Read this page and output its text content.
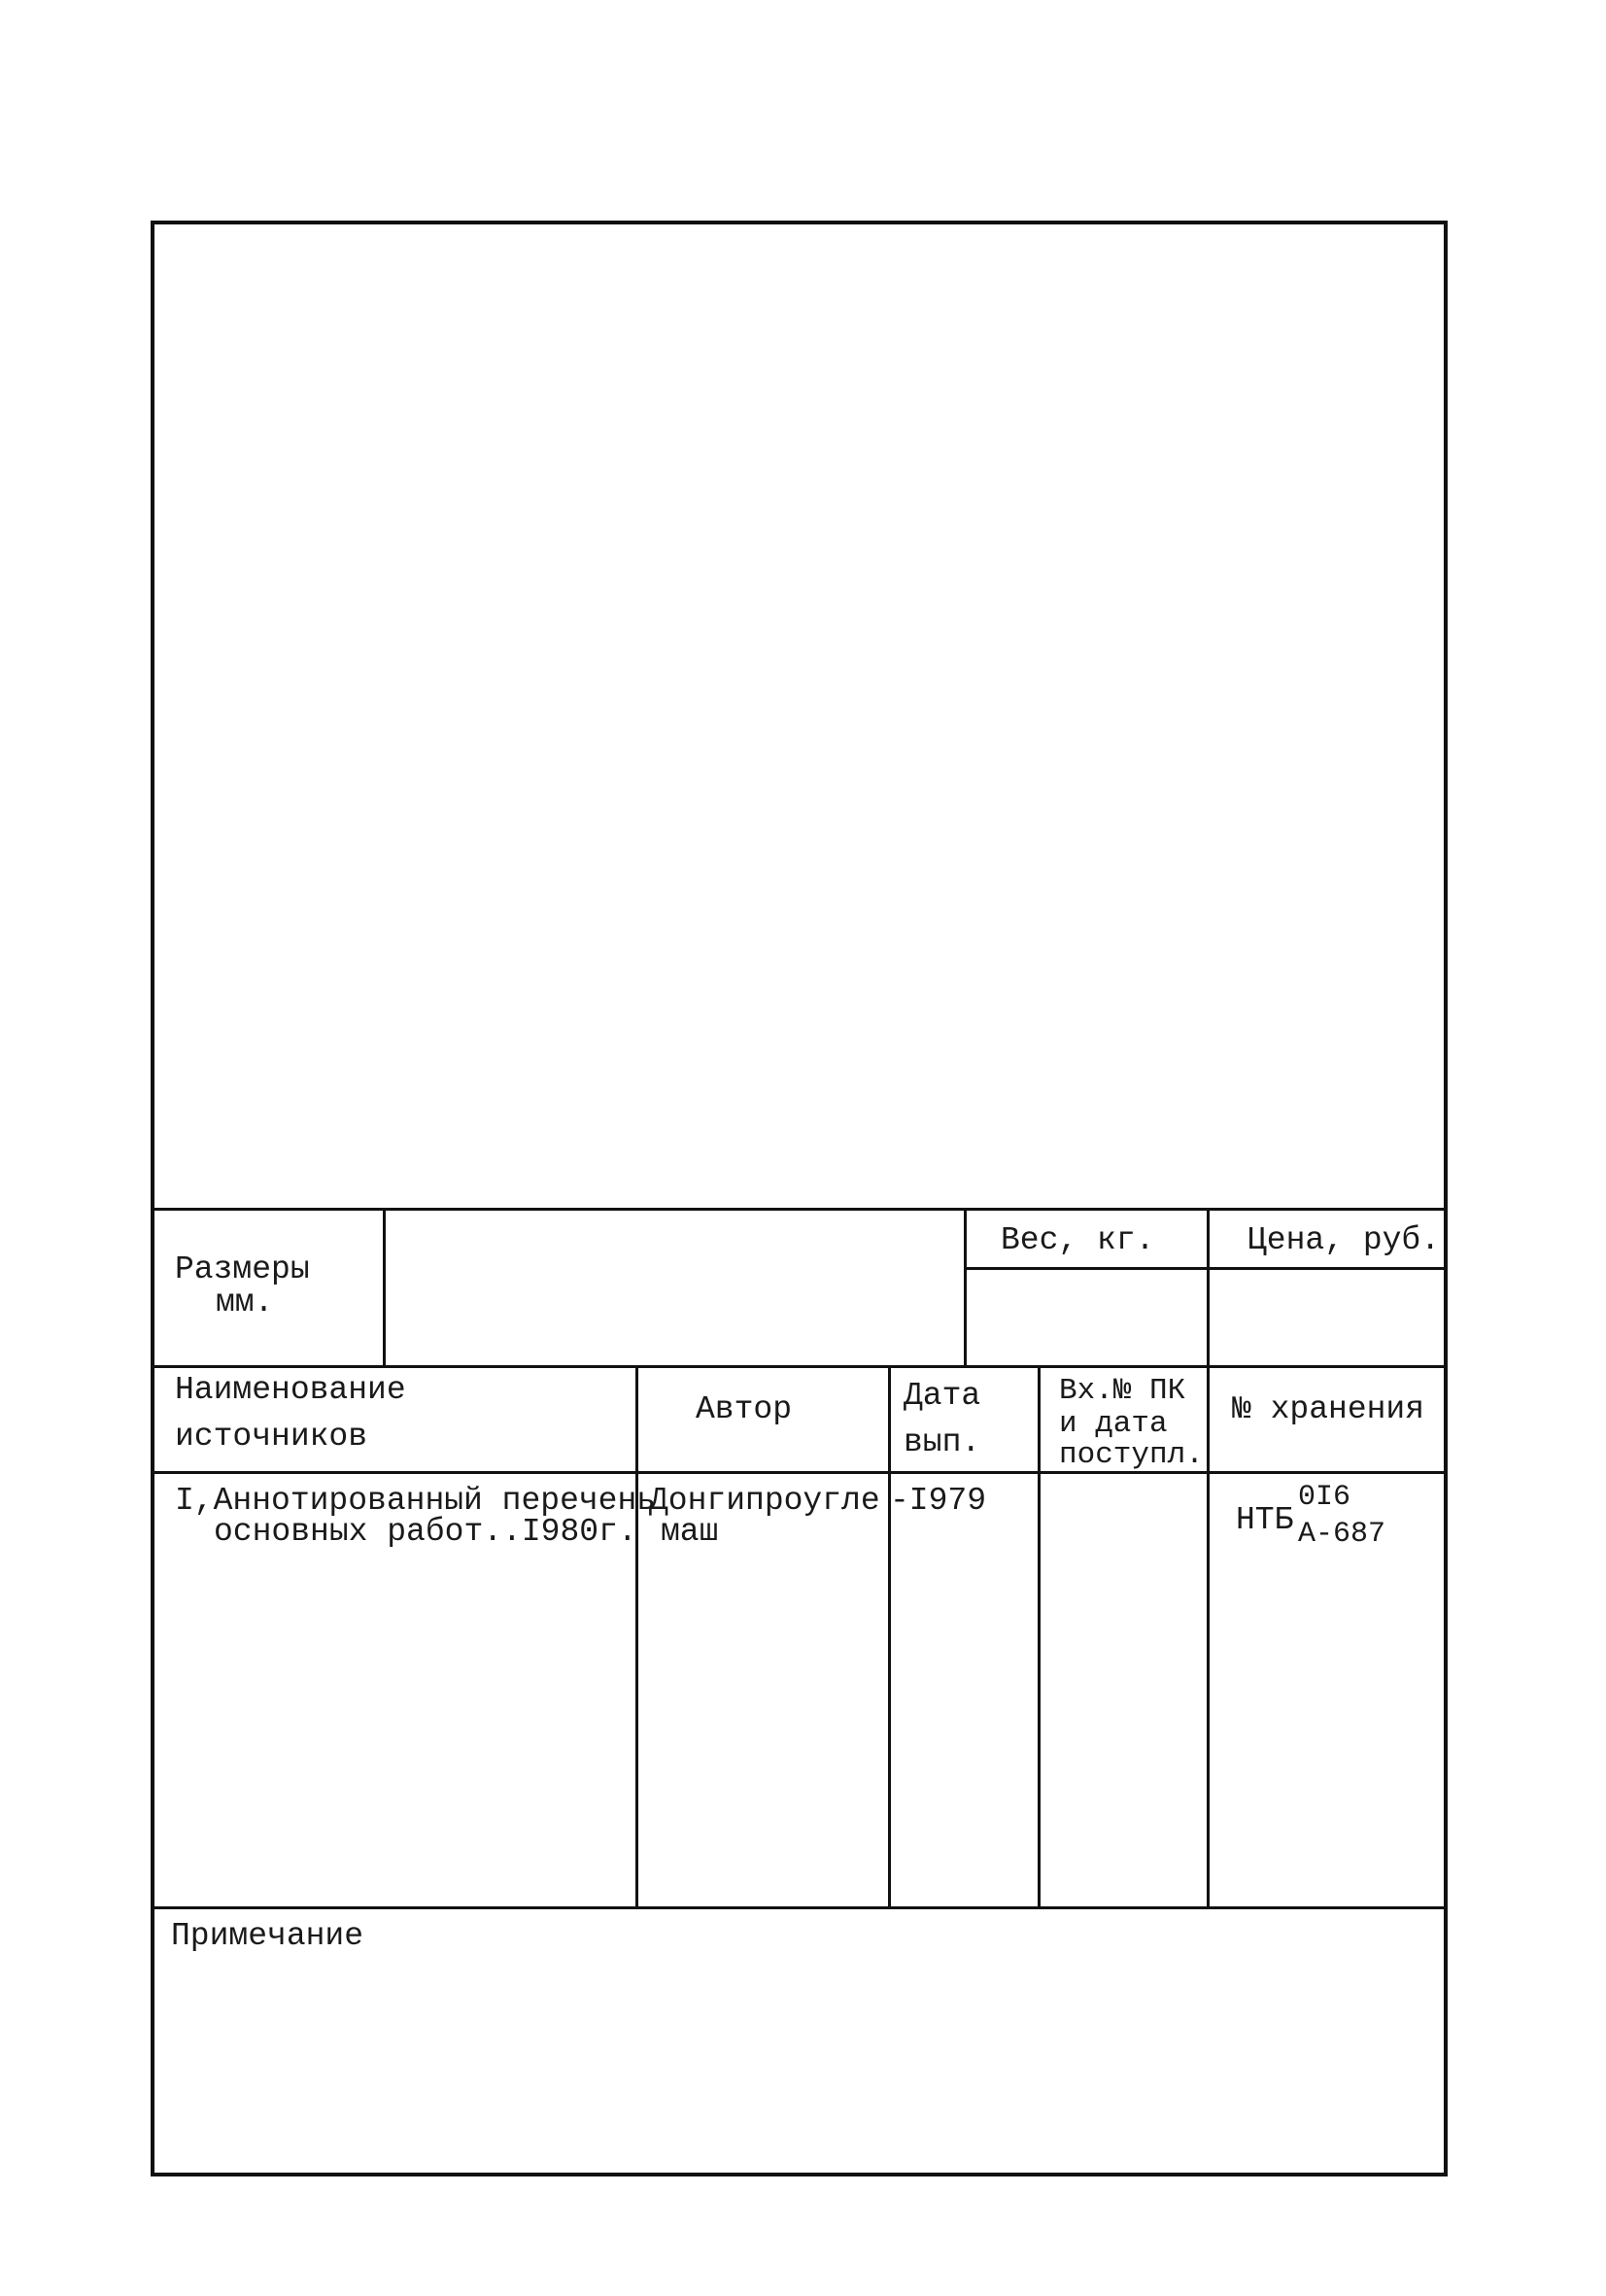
Размеры
мм.
Вес, кг.	Цена, руб.
Наименование
источников
Автор	Дата
вып.
Вх.№ ПК
и дата
поступл.
№ хранения
I,Аннотированный перечень
основных работ..I980г.
Донгипроуглe
маш
-I979
НТБ
0I6
А-687
Примечание
